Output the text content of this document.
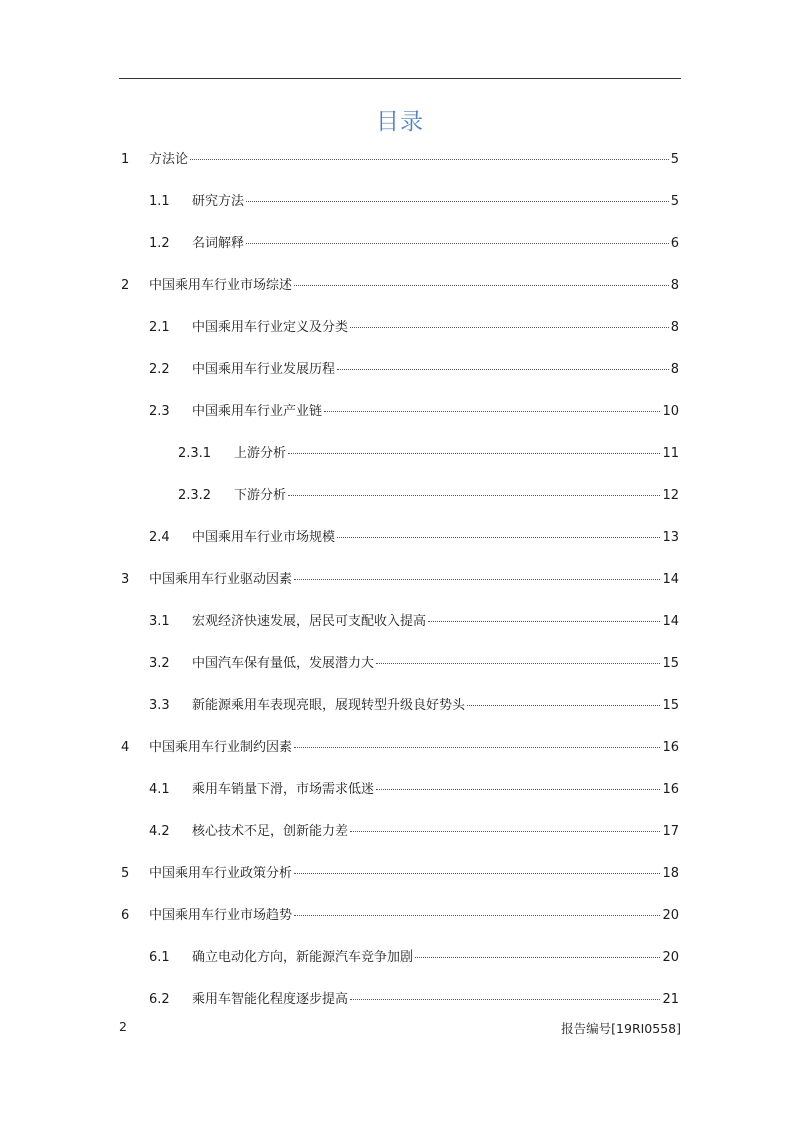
目录
1	方法论	5
1.1	研究方法	5
1.2	名词解释	6
2	中国乘用车行业市场综述	8
2.1	中国乘用车行业定义及分类	8
2.2	中国乘用车行业发展历程	8
2.3	中国乘用车行业产业链	10
2.3.1	上游分析	11
2.3.2	下游分析	12
2.4	中国乘用车行业市场规模	13
3	中国乘用车行业驱动因素	14
3.1	宏观经济快速发展，居民可支配收入提高	14
3.2	中国汽车保有量低，发展潜力大	15
3.3	新能源乘用车表现亮眼，展现转型升级良好势头	15
4	中国乘用车行业制约因素	16
4.1	乘用车销量下滑，市场需求低迷	16
4.2	核心技术不足，创新能力差	17
5	中国乘用车行业政策分析	18
6	中国乘用车行业市场趋势	20
6.1	确立电动化方向，新能源汽车竞争加剧	20
6.2	乘用车智能化程度逐步提高	21
2	报告编号[19RI0558]
